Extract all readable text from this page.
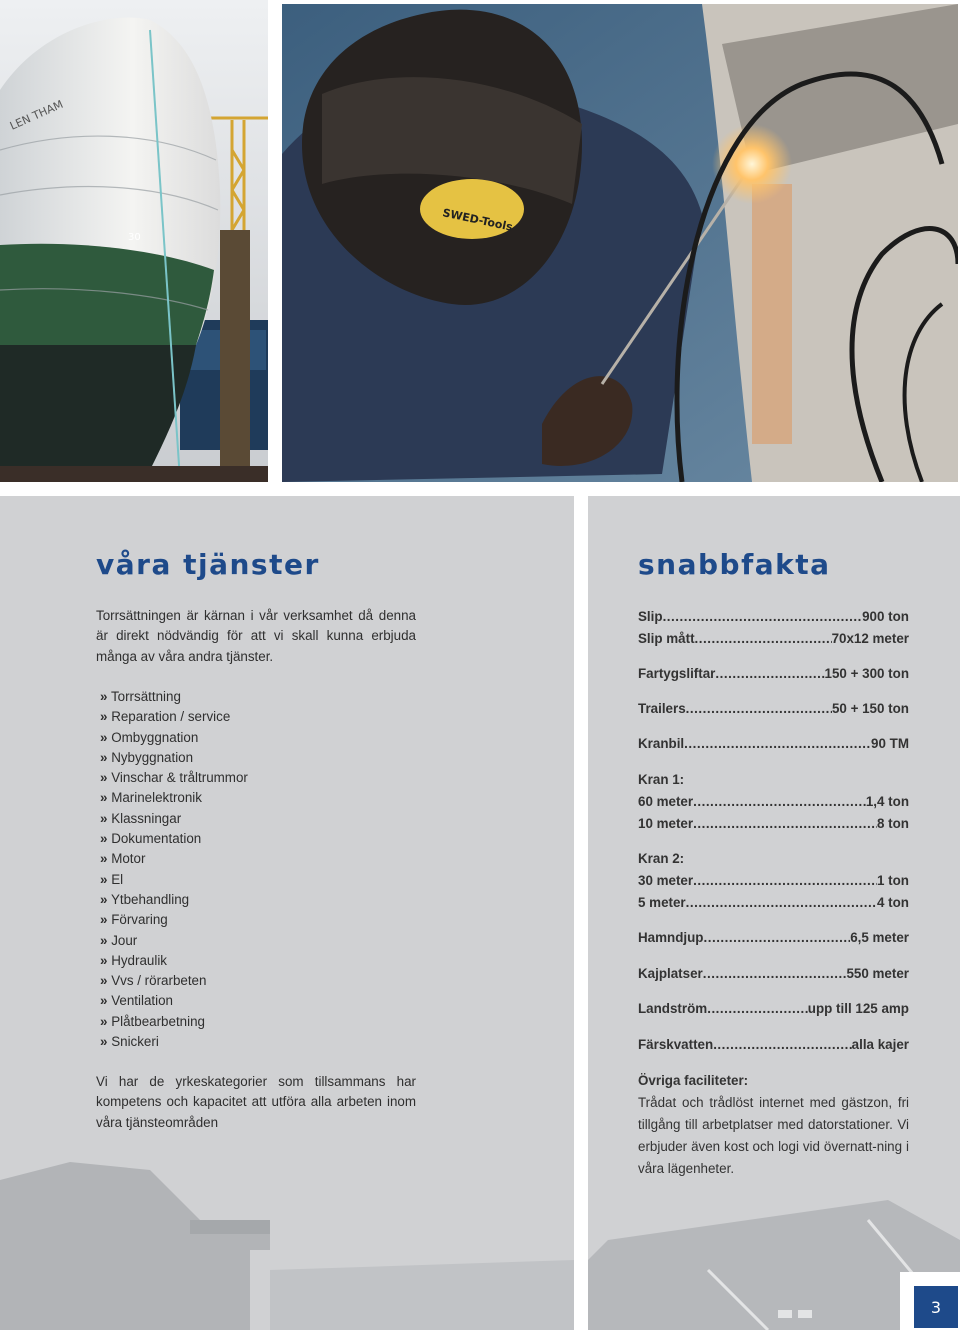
LEN THAM
30
SWED-Tools
våra tjänster

Torrsättningen är kärnan i vår verksamhet då denna är direkt nödvändig för att vi skall kunna erbjuda många av våra andra tjänster.

» Torrsättning
» Reparation / service
» Ombyggnation
» Nybyggnation
» Vinschar & tråltrummor
» Marinelektronik
» Klassningar
» Dokumentation
» Motor
» El
» Ytbehandling
» Förvaring
» Jour
» Hydraulik
» Vvs / rörarbeten
» Ventilation
» Plåtbearbetning
» Snickeri

Vi har de yrkeskategorier som tillsammans har kompetens och kapacitet att utföra alla arbeten inom våra tjänsteområden

snabbfakta
Slip . . .	900 ton
Slip mått . . .	70x12 meter
Fartygsliftar . . .	150 + 300 ton
Trailers . . .	50 + 150 ton
Kranbil . . .	90 TM
Kran 1:
60 meter . . .	1,4 ton
10 meter . . .	8 ton
Kran 2:
30 meter . . .	1 ton
5 meter . . .	4 ton
Hamndjup . . .	6,5 meter
Kajplatser . . .	550 meter
Landström . . .	upp till 125 amp
Färskvatten . . .	alla kajer

Övriga faciliteter:

Trådat och trådlöst internet med gästzon, fri tillgång till arbetplatser med datorstationer. Vi erbjuder även kost och logi vid övernatt-ning i våra lägenheter.

3
